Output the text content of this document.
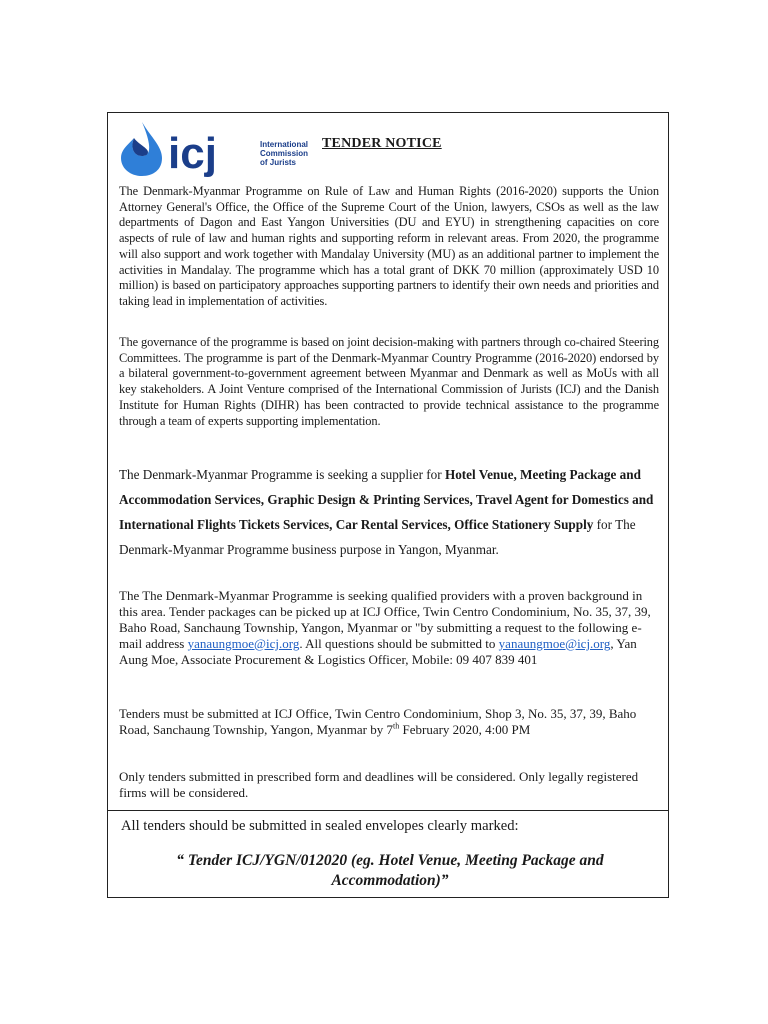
icj	International
Commission
of Jurists
TENDER NOTICE

The Denmark-Myanmar Programme on Rule of Law and Human Rights (2016-2020) supports the Union Attorney General's Office, the Office of the Supreme Court of the Union, lawyers, CSOs as well as the law departments of Dagon and East Yangon Universities (DU and EYU) in strengthening capacities on core aspects of rule of law and human rights and supporting reform in relevant areas. From 2020, the programme will also support and work together with Mandalay University (MU) as an additional partner to implement the activities in Mandalay. The programme which has a total grant of DKK 70 million (approximately USD 10 million) is based on participatory approaches supporting partners to identify their own needs and priorities and taking lead in implementation of activities.

The governance of the programme is based on joint decision-making with partners through co-chaired Steering Committees. The programme is part of the Denmark-Myanmar Country Programme (2016-2020) endorsed by a bilateral government-to-government agreement between Myanmar and Denmark as well as MoUs with all key stakeholders. A Joint Venture comprised of the International Commission of Jurists (ICJ) and the Danish Institute for Human Rights (DIHR) has been contracted to provide technical assistance to the programme through a team of experts supporting implementation.

The Denmark-Myanmar Programme is seeking a supplier for Hotel Venue, Meeting Package and Accommodation Services, Graphic Design & Printing Services, Travel Agent for Domestics and International Flights Tickets Services, Car Rental Services, Office Stationery Supply for The Denmark-Myanmar Programme business purpose in Yangon, Myanmar.

The The Denmark-Myanmar Programme is seeking qualified providers with a proven background in this area. Tender packages can be picked up at ICJ Office, Twin Centro Condominium, No. 35, 37, 39, Baho Road, Sanchaung Township, Yangon, Myanmar or "by submitting a request to the following e-mail address yanaungmoe@icj.org. All questions should be submitted to yanaungmoe@icj.org, Yan Aung Moe, Associate Procurement & Logistics Officer, Mobile: 09 407 839 401

Tenders must be submitted at ICJ Office, Twin Centro Condominium, Shop 3, No. 35, 37, 39, Baho Road, Sanchaung Township, Yangon, Myanmar by 7th February 2020, 4:00 PM

Only tenders submitted in prescribed form and deadlines will be considered. Only legally registered firms will be considered.

All tenders should be submitted in sealed envelopes clearly marked:
“ Tender ICJ/YGN/012020 (eg. Hotel Venue, Meeting Package and Accommodation)”
